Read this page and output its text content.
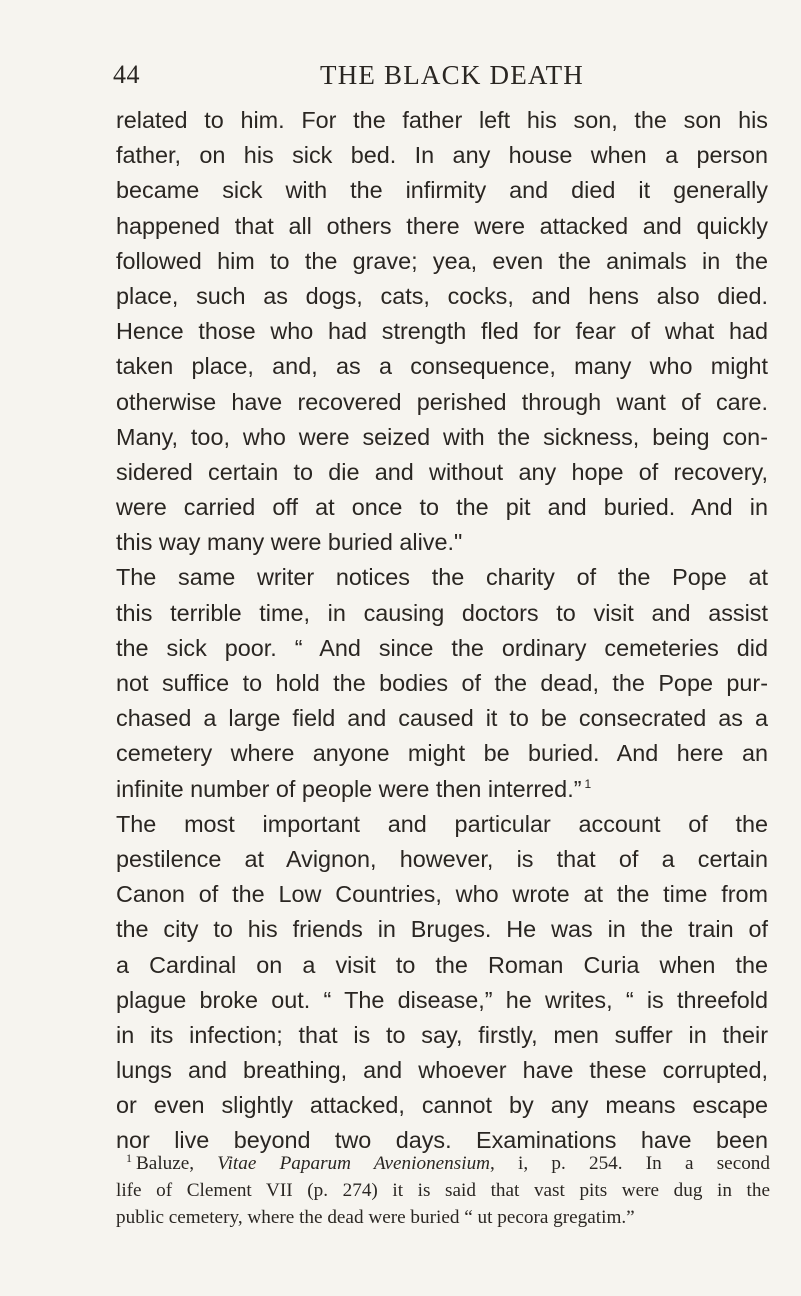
44	THE BLACK DEATH
related to him. For the father left his son, the son his
father, on his sick bed. In any house when a person
became sick with the infirmity and died it generally
happened that all others there were attacked and quickly
followed him to the grave; yea, even the animals in the
place, such as dogs, cats, cocks, and hens also died.
Hence those who had strength fled for fear of what had
taken place, and, as a consequence, many who might
otherwise have recovered perished through want of care.
Many, too, who were seized with the sickness, being con-
sidered certain to die and without any hope of recovery,
were carried off at once to the pit and buried. And in
this way many were buried alive."
The same writer notices the charity of the Pope at
this terrible time, in causing doctors to visit and assist
the sick poor. “ And since the ordinary cemeteries did
not suffice to hold the bodies of the dead, the Pope pur-
chased a large field and caused it to be consecrated as a
cemetery where anyone might be buried. And here an
infinite number of people were then interred.” $^1$
The most important and particular account of the
pestilence at Avignon, however, is that of a certain
Canon of the Low Countries, who wrote at the time from
the city to his friends in Bruges. He was in the train of
a Cardinal on a visit to the Roman Curia when the
plague broke out. “ The disease,” he writes, “ is threefold
in its infection; that is to say, firstly, men suffer in their
lungs and breathing, and whoever have these corrupted,
or even slightly attacked, cannot by any means escape
nor live beyond two days. Examinations have been
$^1$ Baluze, Vitae Paparum Avenionensium, i, p. 254. In a second
life of Clement VII (p. 274) it is said that vast pits were dug in the
public cemetery, where the dead were buried “ ut pecora gregatim.”
